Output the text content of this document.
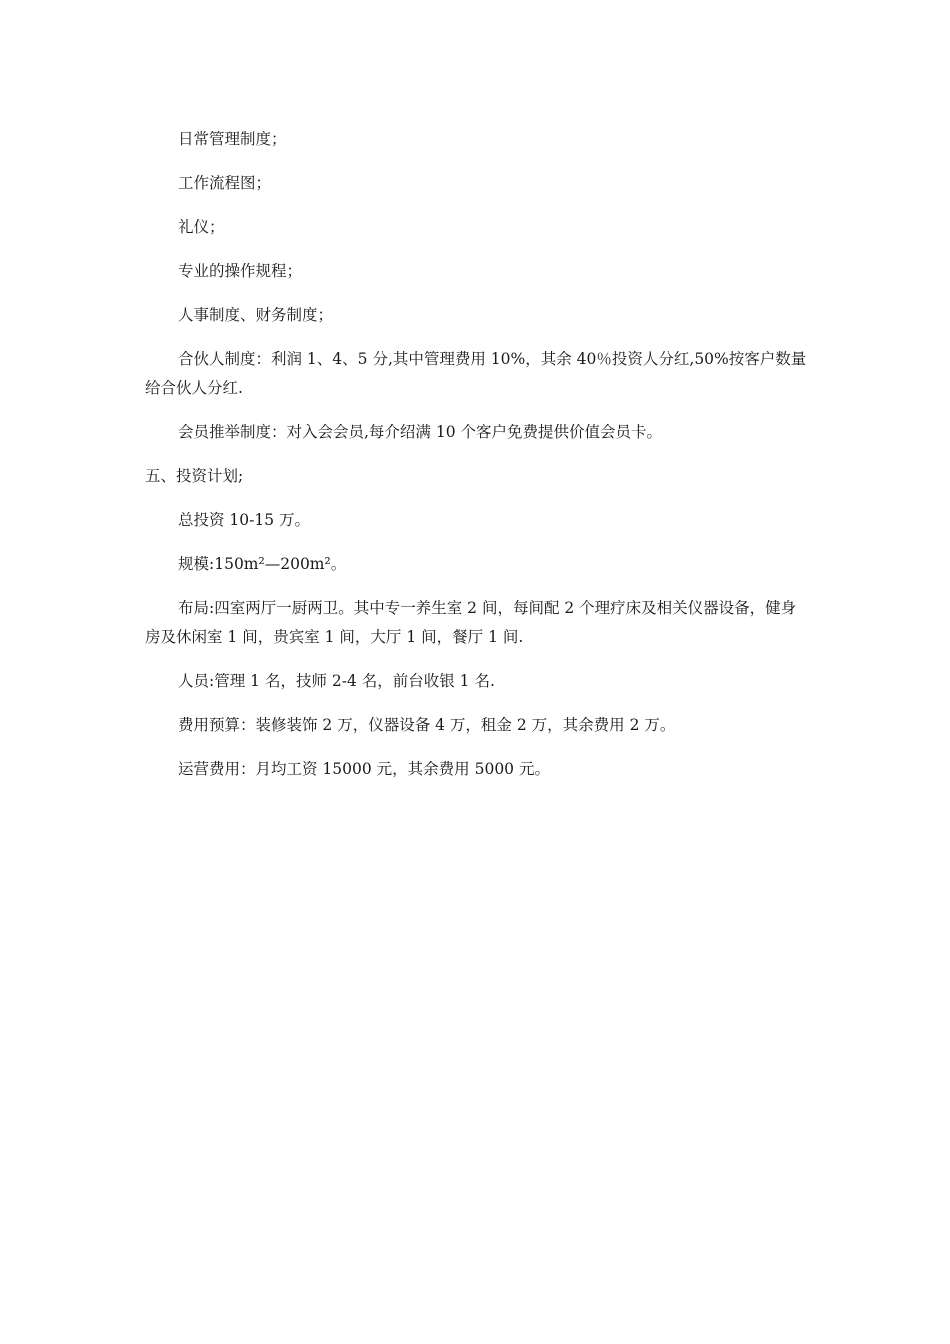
日常管理制度；

工作流程图；

礼仪；

专业的操作规程；

人事制度、财务制度；

合伙人制度：利润 1、4、5 分,其中管理费用 10%，其余 40％投资人分红,50%按客户数量给合伙人分红.

会员推举制度：对入会会员,每介绍满 10 个客户免费提供价值会员卡。

五、投资计划;

总投资 10-15 万。

规模:150m²—200m²。

布局:四室两厅一厨两卫。其中专一养生室 2 间，每间配 2 个理疗床及相关仪器设备，健身房及休闲室 1 间，贵宾室 1 间，大厅 1 间，餐厅 1 间.

人员:管理 1 名，技师 2-4 名，前台收银 1 名.

费用预算：装修装饰 2 万，仪器设备 4 万，租金 2 万，其余费用 2 万。

运营费用：月均工资 15000 元，其余费用 5000 元。
